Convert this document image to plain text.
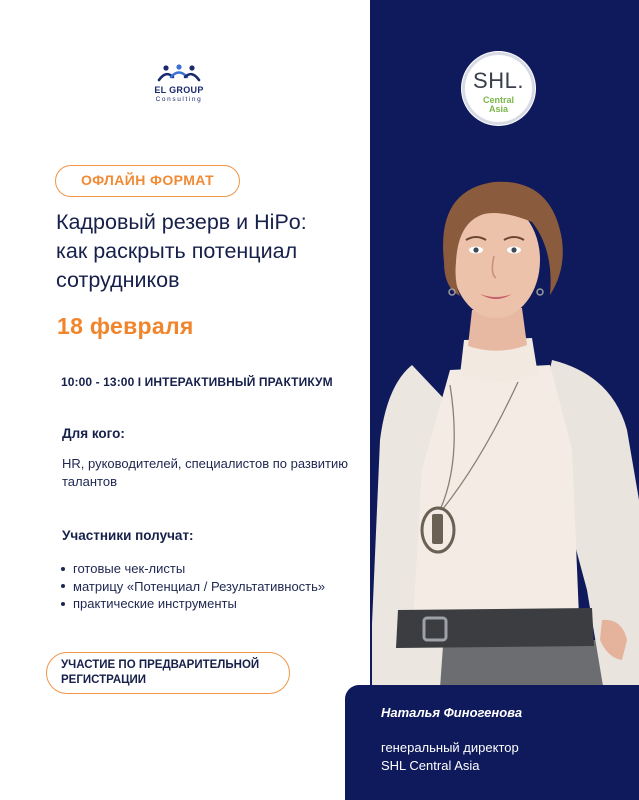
EL GROUP
Consulting
SHL.
Central
Asia
ОФЛАЙН ФОРМАТ
Кадровый резерв и HiPo:
как раскрыть потенциал
сотрудников
18 февраля
10:00 - 13:00 I ИНТЕРАКТИВНЫЙ ПРАКТИКУМ
Для кого:
HR, руководителей, специалистов по развитию талантов
Участники получат:
готовые чек-листы
матрицу «Потенциал / Результативность»
практические инструменты
УЧАСТИЕ ПО ПРЕДВАРИТЕЛЬНОЙ
РЕГИСТРАЦИИ
Наталья Финогенова
генеральный директор
SHL Central Asia
